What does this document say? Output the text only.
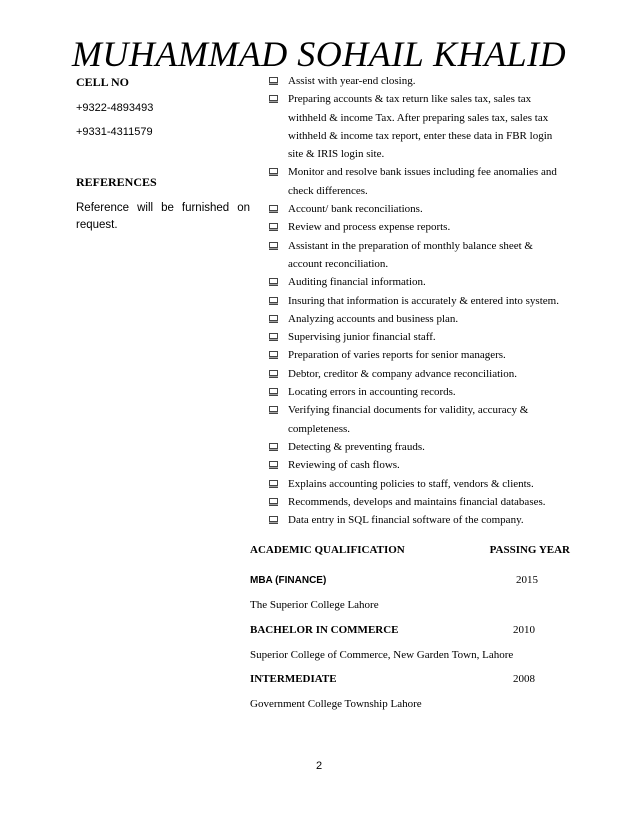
MUHAMMAD SOHAIL KHALID
CELL NO
+9322-4893493
+9331-4311579
REFERENCES
Reference will be furnished on request.
Assist with year-end closing.
Preparing accounts & tax return like sales tax, sales tax withheld & income Tax. After preparing sales tax, sales tax withheld & income tax report, enter these data in FBR login site & IRIS login site.
Monitor and resolve bank issues including fee anomalies and check differences.
Account/ bank reconciliations.
Review and process expense reports.
Assistant in the preparation of monthly balance sheet & account reconciliation.
Auditing financial information.
Insuring that information is accurately & entered into system.
Analyzing accounts and business plan.
Supervising junior financial staff.
Preparation of varies reports for senior managers.
Debtor, creditor & company advance reconciliation.
Locating errors in accounting records.
Verifying financial documents for validity, accuracy & completeness.
Detecting & preventing frauds.
Reviewing of cash flows.
Explains accounting policies to staff, vendors & clients.
Recommends, develops and maintains financial databases.
Data entry in SQL financial software of the company.
ACADEMIC QUALIFICATION	PASSING YEAR
MBA (FINANCE)	2015
The Superior College Lahore
BACHELOR IN COMMERCE	2010
Superior College of Commerce, New Garden Town, Lahore
INTERMEDIATE	2008
Government College Township Lahore
2
